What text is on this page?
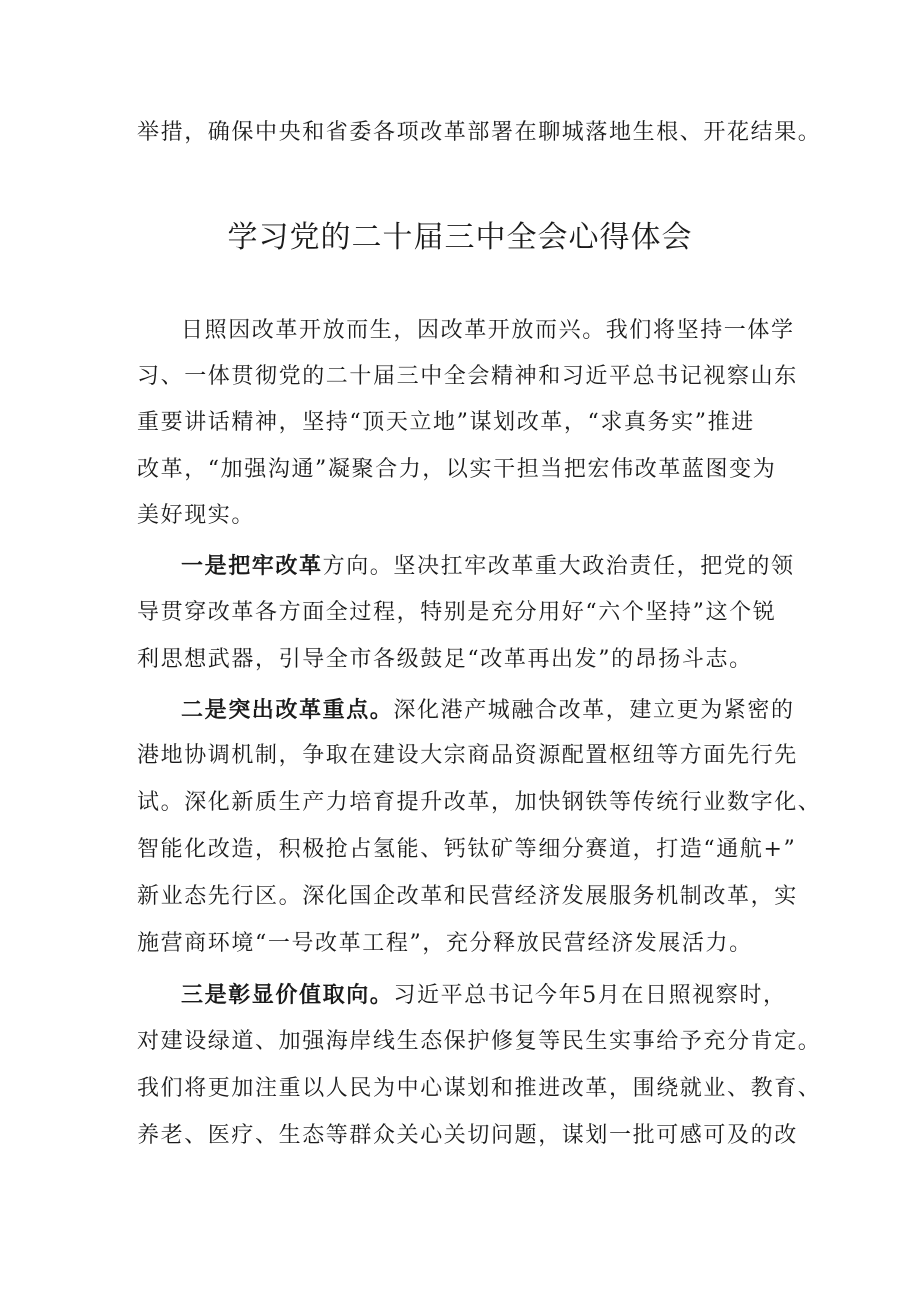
举措，确保中央和省委各项改革部署在聊城落地生根、开花结果。
学习党的二十届三中全会心得体会
日照因改革开放而生，因改革开放而兴。我们将坚持一体学
习、一体贯彻党的二十届三中全会精神和习近平总书记视察山东
重要讲话精神，坚持“顶天立地”谋划改革，“求真务实”推进
改革，“加强沟通”凝聚合力，以实干担当把宏伟改革蓝图变为
美好现实。
一是把牢改革方向。坚决扛牢改革重大政治责任，把党的领
导贯穿改革各方面全过程，特别是充分用好“六个坚持”这个锐
利思想武器，引导全市各级鼓足“改革再出发”的昂扬斗志。
二是突出改革重点。深化港产城融合改革，建立更为紧密的
港地协调机制，争取在建设大宗商品资源配置枢纽等方面先行先
试。深化新质生产力培育提升改革，加快钢铁等传统行业数字化、
智能化改造，积极抢占氢能、钙钛矿等细分赛道，打造“通航+”
新业态先行区。深化国企改革和民营经济发展服务机制改革，实
施营商环境“一号改革工程”，充分释放民营经济发展活力。
三是彰显价值取向。习近平总书记今年5月在日照视察时，
对建设绿道、加强海岸线生态保护修复等民生实事给予充分肯定。
我们将更加注重以人民为中心谋划和推进改革，围绕就业、教育、
养老、医疗、生态等群众关心关切问题，谋划一批可感可及的改
